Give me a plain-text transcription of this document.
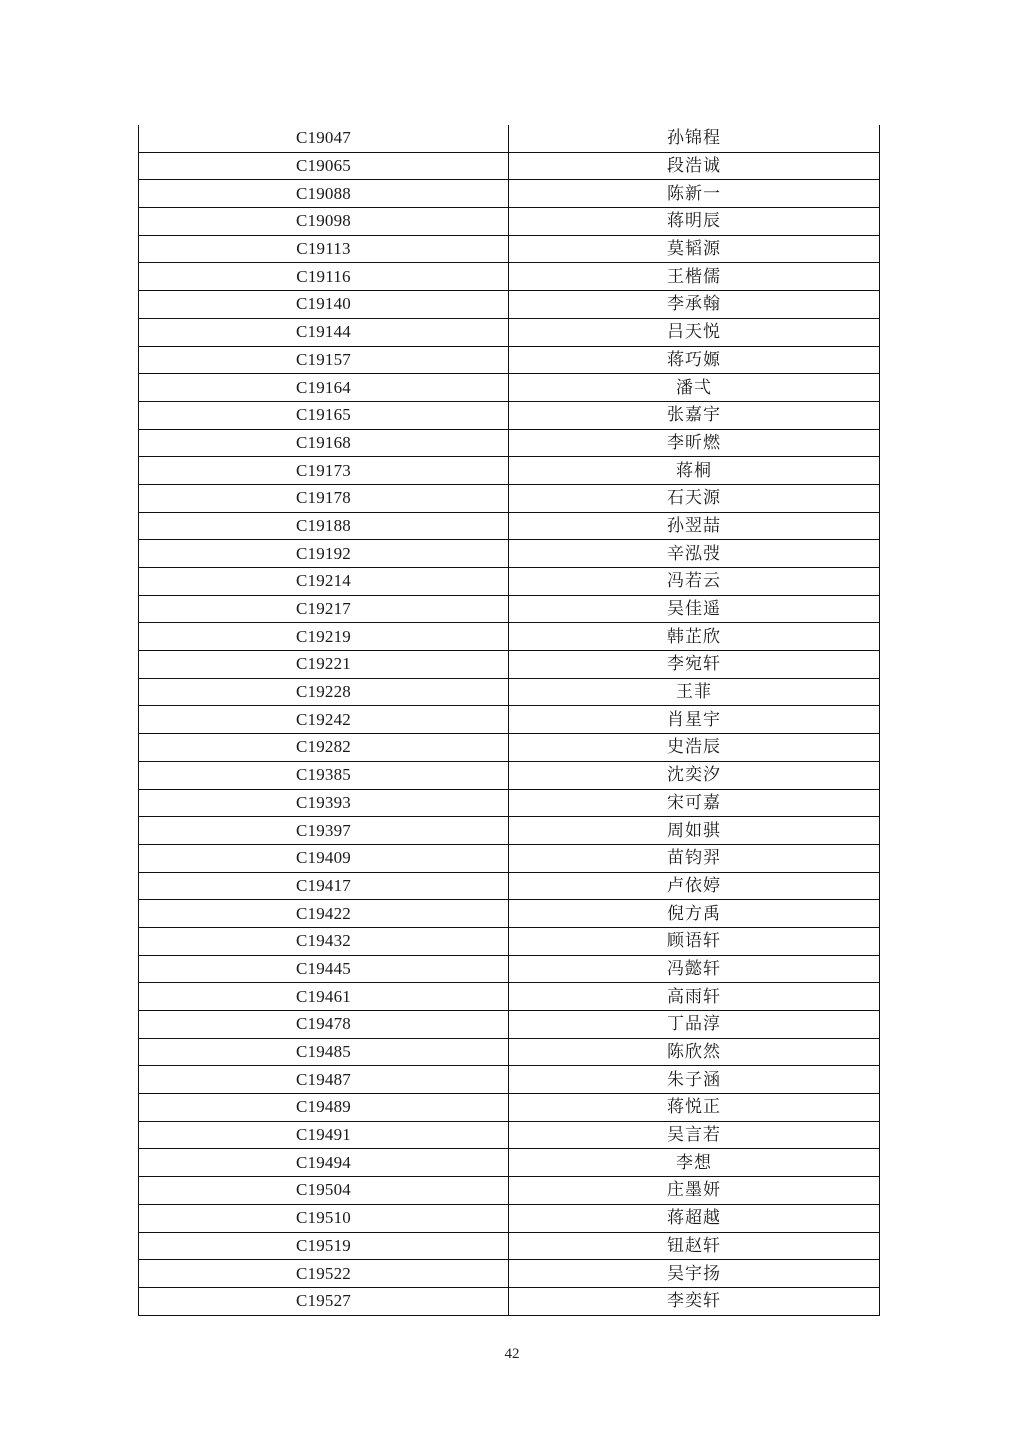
C19047	孙锦程
C19065	段浩诚
C19088	陈新一
C19098	蒋明辰
C19113	莫韬源
C19116	王楷儒
C19140	李承翰
C19144	吕天悦
C19157	蒋巧嫄
C19164	潘弌
C19165	张嘉宇
C19168	李昕燃
C19173	蒋桐
C19178	石天源
C19188	孙翌喆
C19192	辛泓弢
C19214	冯若云
C19217	吴佳遥
C19219	韩芷欣
C19221	李宛轩
C19228	王菲
C19242	肖星宇
C19282	史浩辰
C19385	沈奕汐
C19393	宋可嘉
C19397	周如骐
C19409	苗钧羿
C19417	卢依婷
C19422	倪方禹
C19432	顾语轩
C19445	冯懿轩
C19461	高雨轩
C19478	丁品淳
C19485	陈欣然
C19487	朱子涵
C19489	蒋悦正
C19491	吴言若
C19494	李想
C19504	庄墨妍
C19510	蒋超越
C19519	钮赵轩
C19522	吴宇扬
C19527	李奕轩
42
